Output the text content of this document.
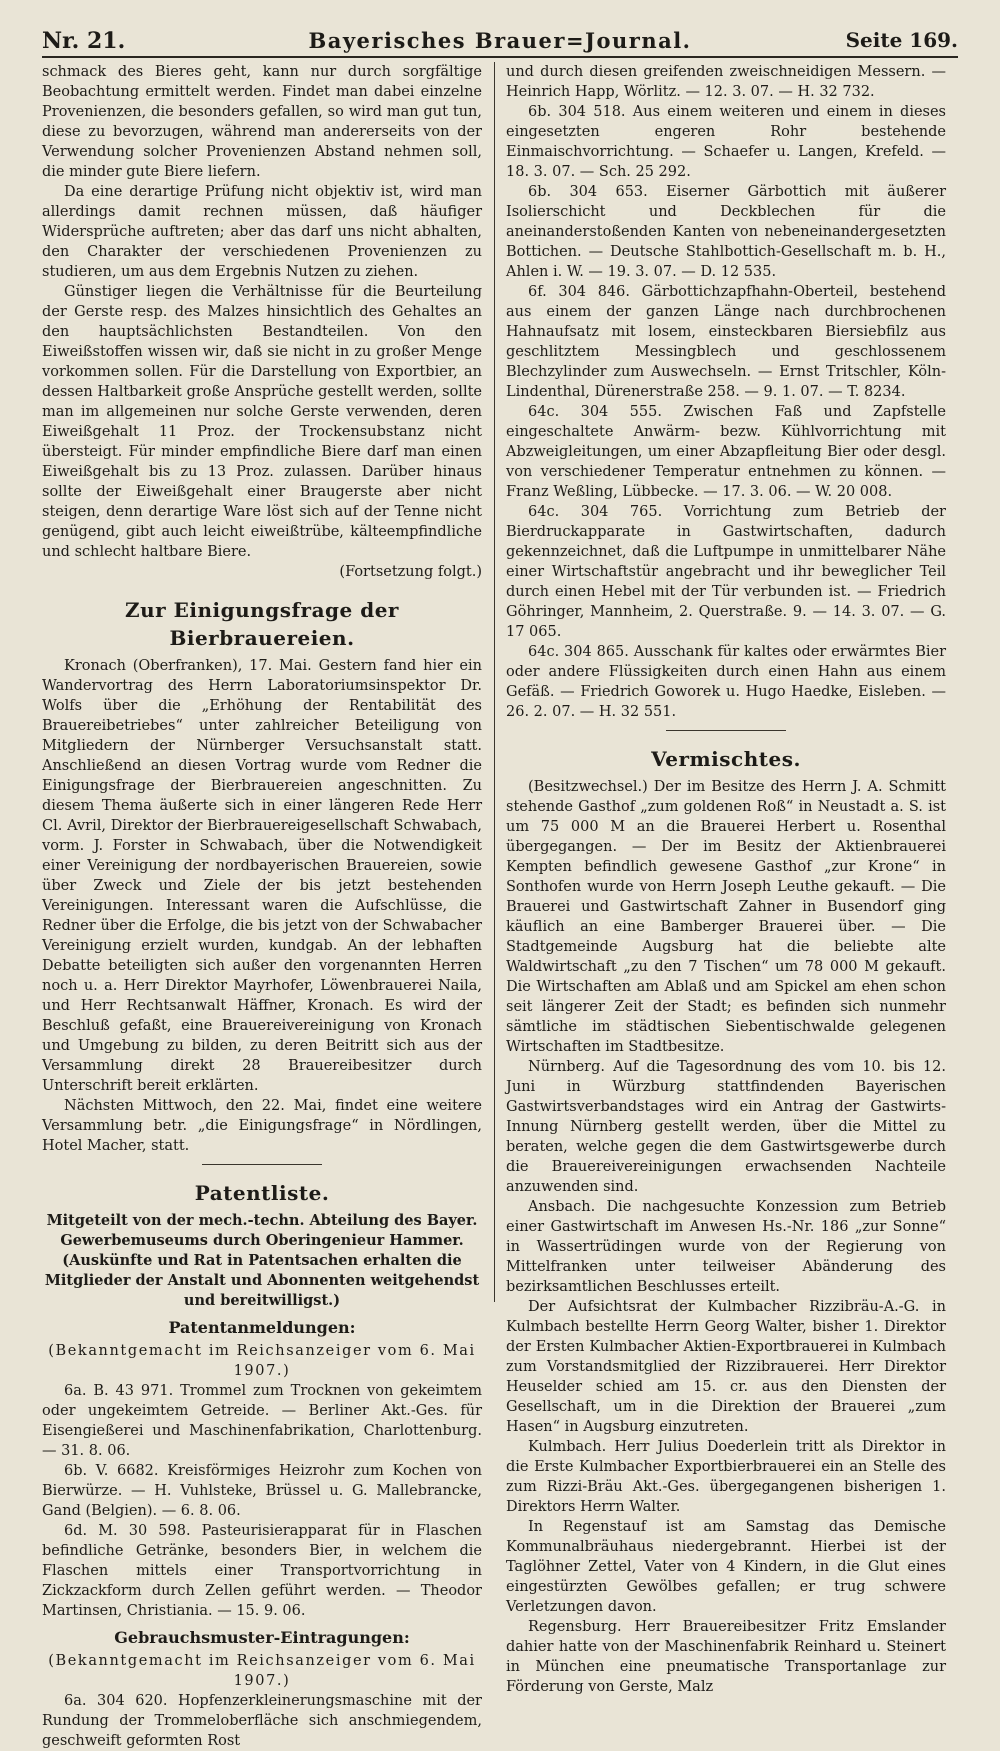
Nr. 21.	Bayerisches Brauer=Journal.	Seite 169.

schmack des Bieres geht, kann nur durch sorgfältige Beobachtung ermittelt werden. Findet man dabei einzelne Provenienzen, die besonders gefallen, so wird man gut tun, diese zu bevorzugen, während man andererseits von der Verwendung solcher Provenienzen Abstand nehmen soll, die minder gute Biere liefern.

Da eine derartige Prüfung nicht objektiv ist, wird man allerdings damit rechnen müssen, daß häufiger Widersprüche auftreten; aber das darf uns nicht abhalten, den Charakter der verschiedenen Provenienzen zu studieren, um aus dem Ergebnis Nutzen zu ziehen.

Günstiger liegen die Verhältnisse für die Beurteilung der Gerste resp. des Malzes hinsichtlich des Gehaltes an den hauptsächlichsten Bestandteilen. Von den Eiweißstoffen wissen wir, daß sie nicht in zu großer Menge vorkommen sollen. Für die Darstellung von Exportbier, an dessen Haltbarkeit große Ansprüche gestellt werden, sollte man im allgemeinen nur solche Gerste verwenden, deren Eiweißgehalt 11 Proz. der Trockensubstanz nicht übersteigt. Für minder empfindliche Biere darf man einen Eiweißgehalt bis zu 13 Proz. zulassen. Darüber hinaus sollte der Eiweißgehalt einer Braugerste aber nicht steigen, denn derartige Ware löst sich auf der Tenne nicht genügend, gibt auch leicht eiweißtrübe, kälteempfindliche und schlecht haltbare Biere.

(Fortsetzung folgt.)

Zur Einigungsfrage der Bierbrauereien.

Kronach (Oberfranken), 17. Mai. Gestern fand hier ein Wandervortrag des Herrn Laboratoriumsinspektor Dr. Wolfs über die „Erhöhung der Rentabilität des Brauereibetriebes“ unter zahlreicher Beteiligung von Mitgliedern der Nürnberger Versuchsanstalt statt. Anschließend an diesen Vortrag wurde vom Redner die Einigungsfrage der Bierbrauereien angeschnitten. Zu diesem Thema äußerte sich in einer längeren Rede Herr Cl. Avril, Direktor der Bierbrauereigesellschaft Schwabach, vorm. J. Forster in Schwabach, über die Notwendigkeit einer Vereinigung der nordbayerischen Brauereien, sowie über Zweck und Ziele der bis jetzt bestehenden Vereinigungen. Interessant waren die Aufschlüsse, die Redner über die Erfolge, die bis jetzt von der Schwabacher Vereinigung erzielt wurden, kundgab. An der lebhaften Debatte beteiligten sich außer den vorgenannten Herren noch u. a. Herr Direktor Mayrhofer, Löwenbrauerei Naila, und Herr Rechtsanwalt Häffner, Kronach. Es wird der Beschluß gefaßt, eine Brauereivereinigung von Kronach und Umgebung zu bilden, zu deren Beitritt sich aus der Versammlung direkt 28 Brauereibesitzer durch Unterschrift bereit erklärten.

Nächsten Mittwoch, den 22. Mai, findet eine weitere Versammlung betr. „die Einigungsfrage“ in Nördlingen, Hotel Macher, statt.

Patentliste.

Mitgeteilt von der mech.-techn. Abteilung des Bayer. Gewerbemuseums durch Oberingenieur Hammer.

(Auskünfte und Rat in Patentsachen erhalten die Mitglieder der Anstalt und Abonnenten weitgehendst und bereitwilligst.)

Patentanmeldungen:

(Bekanntgemacht im Reichsanzeiger vom 6. Mai 1907.)

6a. B. 43 971. Trommel zum Trocknen von gekeimtem oder ungekeimtem Getreide. — Berliner Akt.-Ges. für Eisengießerei und Maschinenfabrikation, Charlottenburg. — 31. 8. 06.

6b. V. 6682. Kreisförmiges Heizrohr zum Kochen von Bierwürze. — H. Vuhlsteke, Brüssel u. G. Mallebrancke, Gand (Belgien). — 6. 8. 06.

6d. M. 30 598. Pasteurisierapparat für in Flaschen befindliche Getränke, besonders Bier, in welchem die Flaschen mittels einer Transportvorrichtung in Zickzackform durch Zellen geführt werden. — Theodor Martinsen, Christiania. — 15. 9. 06.

Gebrauchsmuster-Eintragungen:

(Bekanntgemacht im Reichsanzeiger vom 6. Mai 1907.)

6a. 304 620. Hopfenzerkleinerungsmaschine mit der Rundung der Trommeloberfläche sich anschmiegendem, geschweift geformten Rost

und durch diesen greifenden zweischneidigen Messern. — Heinrich Happ, Wörlitz. — 12. 3. 07. — H. 32 732.

6b. 304 518. Aus einem weiteren und einem in dieses eingesetzten engeren Rohr bestehende Einmaischvorrichtung. — Schaefer u. Langen, Krefeld. — 18. 3. 07. — Sch. 25 292.

6b. 304 653. Eiserner Gärbottich mit äußerer Isolierschicht und Deckblechen für die aneinanderstoßenden Kanten von nebeneinandergesetzten Bottichen. — Deutsche Stahlbottich-Gesellschaft m. b. H., Ahlen i. W. — 19. 3. 07. — D. 12 535.

6f. 304 846. Gärbottichzapfhahn-Oberteil, bestehend aus einem der ganzen Länge nach durchbrochenen Hahnaufsatz mit losem, einsteckbaren Biersiebfilz aus geschlitztem Messingblech und geschlossenem Blechzylinder zum Auswechseln. — Ernst Tritschler, Köln-Lindenthal, Dürenerstraße 258. — 9. 1. 07. — T. 8234.

64c. 304 555. Zwischen Faß und Zapfstelle eingeschaltete Anwärm- bezw. Kühlvorrichtung mit Abzweigleitungen, um einer Abzapfleitung Bier oder desgl. von verschiedener Temperatur entnehmen zu können. — Franz Weßling, Lübbecke. — 17. 3. 06. — W. 20 008.

64c. 304 765. Vorrichtung zum Betrieb der Bierdruckapparate in Gastwirtschaften, dadurch gekennzeichnet, daß die Luftpumpe in unmittelbarer Nähe einer Wirtschaftstür angebracht und ihr beweglicher Teil durch einen Hebel mit der Tür verbunden ist. — Friedrich Göhringer, Mannheim, 2. Querstraße. 9. — 14. 3. 07. — G. 17 065.

64c. 304 865. Ausschank für kaltes oder erwärmtes Bier oder andere Flüssigkeiten durch einen Hahn aus einem Gefäß. — Friedrich Goworek u. Hugo Haedke, Eisleben. — 26. 2. 07. — H. 32 551.

Vermischtes.

(Besitzwechsel.) Der im Besitze des Herrn J. A. Schmitt stehende Gasthof „zum goldenen Roß“ in Neustadt a. S. ist um 75 000 M an die Brauerei Herbert u. Rosenthal übergegangen. — Der im Besitz der Aktienbrauerei Kempten befindlich gewesene Gasthof „zur Krone“ in Sonthofen wurde von Herrn Joseph Leuthe gekauft. — Die Brauerei und Gastwirtschaft Zahner in Busendorf ging käuflich an eine Bamberger Brauerei über. — Die Stadtgemeinde Augsburg hat die beliebte alte Waldwirtschaft „zu den 7 Tischen“ um 78 000 M gekauft. Die Wirtschaften am Ablaß und am Spickel am ehen schon seit längerer Zeit der Stadt; es befinden sich nunmehr sämtliche im städtischen Siebentischwalde gelegenen Wirtschaften im Stadtbesitze.

Nürnberg. Auf die Tagesordnung des vom 10. bis 12. Juni in Würzburg stattfindenden Bayerischen Gastwirtsverbandstages wird ein Antrag der Gastwirts-Innung Nürnberg gestellt werden, über die Mittel zu beraten, welche gegen die dem Gastwirtsgewerbe durch die Brauereivereinigungen erwachsenden Nachteile anzuwenden sind.

Ansbach. Die nachgesuchte Konzession zum Betrieb einer Gastwirtschaft im Anwesen Hs.-Nr. 186 „zur Sonne“ in Wassertrüdingen wurde von der Regierung von Mittelfranken unter teilweiser Abänderung des bezirksamtlichen Beschlusses erteilt.

Der Aufsichtsrat der Kulmbacher Rizzibräu-A.-G. in Kulmbach bestellte Herrn Georg Walter, bisher 1. Direktor der Ersten Kulmbacher Aktien-Exportbrauerei in Kulmbach zum Vorstandsmitglied der Rizzibrauerei. Herr Direktor Heuselder schied am 15. cr. aus den Diensten der Gesellschaft, um in die Direktion der Brauerei „zum Hasen“ in Augsburg einzutreten.

Kulmbach. Herr Julius Doederlein tritt als Direktor in die Erste Kulmbacher Exportbierbrauerei ein an Stelle des zum Rizzi-Bräu Akt.-Ges. übergegangenen bisherigen 1. Direktors Herrn Walter.

In Regenstauf ist am Samstag das Demische Kommunalbräuhaus niedergebrannt. Hierbei ist der Taglöhner Zettel, Vater von 4 Kindern, in die Glut eines eingestürzten Gewölbes gefallen; er trug schwere Verletzungen davon.

Regensburg. Herr Brauereibesitzer Fritz Emslander dahier hatte von der Maschinenfabrik Reinhard u. Steinert in München eine pneumatische Transportanlage zur Förderung von Gerste, Malz
